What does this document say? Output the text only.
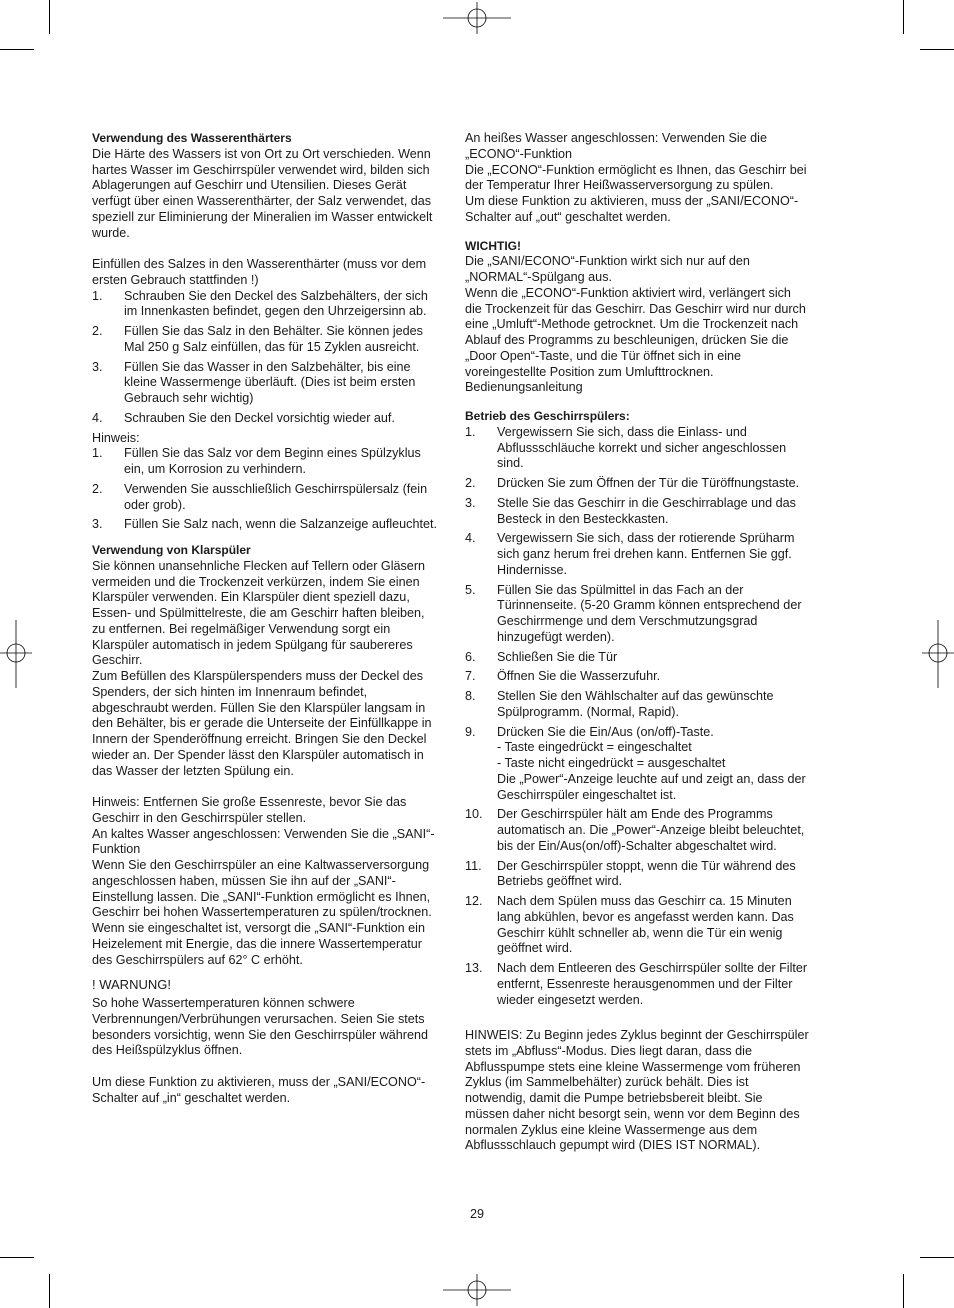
Verwendung des Wasserenthärters

Die Härte des Wassers ist von Ort zu Ort verschieden. Wenn
hartes Wasser im Geschirrspüler verwendet wird, bilden sich
Ablagerungen auf Geschirr und Utensilien. Dieses Gerät
verfügt über einen Wasserenthärter, der Salz verwendet, das
speziell zur Eliminierung der Mineralien im Wasser entwickelt
wurde.

Einfüllen des Salzes in den Wasserenthärter (muss vor dem
ersten Gebrauch stattfinden !)

1. Schrauben Sie den Deckel des Salzbehälters, der sich
im Innenkasten befindet, gegen den Uhrzeigersinn ab.
2. Füllen Sie das Salz in den Behälter. Sie können jedes
Mal 250 g Salz einfüllen, das für 15 Zyklen ausreicht.
3. Füllen Sie das Wasser in den Salzbehälter, bis eine
kleine Wassermenge überläuft. (Dies ist beim ersten
Gebrauch sehr wichtig)
4. Schrauben Sie den Deckel vorsichtig wieder auf.

Hinweis:

1. Füllen Sie das Salz vor dem Beginn eines Spülzyklus
ein, um Korrosion zu verhindern.
2. Verwenden Sie ausschließlich Geschirrspülersalz (fein
oder grob).
3. Füllen Sie Salz nach, wenn die Salzanzeige aufleuchtet.

Verwendung von Klarspüler

Sie können unansehnliche Flecken auf Tellern oder Gläsern
vermeiden und die Trockenzeit verkürzen, indem Sie einen
Klarspüler verwenden. Ein Klarspüler dient speziell dazu,
Essen- und Spülmittelreste, die am Geschirr haften bleiben,
zu entfernen. Bei regelmäßiger Verwendung sorgt ein
Klarspüler automatisch in jedem Spülgang für saubereres
Geschirr.
Zum Befüllen des Klarspülerspenders muss der Deckel des
Spenders, der sich hinten im Innenraum befindet,
abgeschraubt werden. Füllen Sie den Klarspüler langsam in
den Behälter, bis er gerade die Unterseite der Einfüllkappe in
Innern der Spenderöffnung erreicht. Bringen Sie den Deckel
wieder an. Der Spender lässt den Klarspüler automatisch in
das Wasser der letzten Spülung ein.

Hinweis: Entfernen Sie große Essenreste, bevor Sie das
Geschirr in den Geschirrspüler stellen.
An kaltes Wasser angeschlossen: Verwenden Sie die „SANI“-
Funktion
Wenn Sie den Geschirrspüler an eine Kaltwasserversorgung
angeschlossen haben, müssen Sie ihn auf der „SANI“-
Einstellung lassen. Die „SANI“-Funktion ermöglicht es Ihnen,
Geschirr bei hohen Wassertemperaturen zu spülen/trocknen.
Wenn sie eingeschaltet ist, versorgt die „SANI“-Funktion ein
Heizelement mit Energie, das die innere Wassertemperatur
des Geschirrspülers auf 62° C erhöht.

! WARNUNG!

So hohe Wassertemperaturen können schwere
Verbrennungen/Verbrühungen verursachen. Seien Sie stets
besonders vorsichtig, wenn Sie den Geschirrspüler während
des Heißspülzyklus öffnen.

Um diese Funktion zu aktivieren, muss der „SANI/ECONO“-
Schalter auf „in“ geschaltet werden.

An heißes Wasser angeschlossen: Verwenden Sie die
„ECONO“-Funktion
Die „ECONO“-Funktion ermöglicht es Ihnen, das Geschirr bei
der Temperatur Ihrer Heißwasserversorgung zu spülen.
Um diese Funktion zu aktivieren, muss der „SANI/ECONO“-
Schalter auf „out“ geschaltet werden.

WICHTIG!

Die „SANI/ECONO“-Funktion wirkt sich nur auf den
„NORMAL“-Spülgang aus.
Wenn die „ECONO“-Funktion aktiviert wird, verlängert sich
die Trockenzeit für das Geschirr. Das Geschirr wird nur durch
eine „Umluft“-Methode getrocknet. Um die Trockenzeit nach
Ablauf des Programms zu beschleunigen, drücken Sie die
„Door Open“-Taste, und die Tür öffnet sich in eine
voreingestellte Position zum Umlufttrocknen.
Bedienungsanleitung

Betrieb des Geschirrspülers:

1. Vergewissern Sie sich, dass die Einlass- und
Abflussschläuche korrekt und sicher angeschlossen
sind.
2. Drücken Sie zum Öffnen der Tür die Türöffnungstaste.
3. Stelle Sie das Geschirr in die Geschirrablage und das
Besteck in den Besteckkasten.
4. Vergewissern Sie sich, dass der rotierende Sprüharm
sich ganz herum frei drehen kann. Entfernen Sie ggf.
Hindernisse.
5. Füllen Sie das Spülmittel in das Fach an der
Türinnenseite. (5-20 Gramm können entsprechend der
Geschirrmenge und dem Verschmutzungsgrad
hinzugefügt werden).
6. Schließen Sie die Tür
7. Öffnen Sie die Wasserzufuhr.
8. Stellen Sie den Wählschalter auf das gewünschte
Spülprogramm. (Normal, Rapid).
9. Drücken Sie die Ein/Aus (on/off)-Taste.
- Taste eingedrückt = eingeschaltet
- Taste nicht eingedrückt = ausgeschaltet
Die „Power“-Anzeige leuchte auf und zeigt an, dass der
Geschirrspüler eingeschaltet ist.
10. Der Geschirrspüler hält am Ende des Programms
automatisch an. Die „Power“-Anzeige bleibt beleuchtet,
bis der Ein/Aus(on/off)-Schalter abgeschaltet wird.
11. Der Geschirrspüler stoppt, wenn die Tür während des
Betriebs geöffnet wird.
12. Nach dem Spülen muss das Geschirr ca. 15 Minuten
lang abkühlen, bevor es angefasst werden kann. Das
Geschirr kühlt schneller ab, wenn die Tür ein wenig
geöffnet wird.
13. Nach dem Entleeren des Geschirrspüler sollte der Filter
entfernt, Essenreste herausgenommen und der Filter
wieder eingesetzt werden.

HINWEIS: Zu Beginn jedes Zyklus beginnt der Geschirrspüler
stets im „Abfluss“-Modus. Dies liegt daran, dass die
Abflusspumpe stets eine kleine Wassermenge vom früheren
Zyklus (im Sammelbehälter) zurück behält. Dies ist
notwendig, damit die Pumpe betriebsbereit bleibt. Sie
müssen daher nicht besorgt sein, wenn vor dem Beginn des
normalen Zyklus eine kleine Wassermenge aus dem
Abflussschlauch gepumpt wird (DIES IST NORMAL).

29
